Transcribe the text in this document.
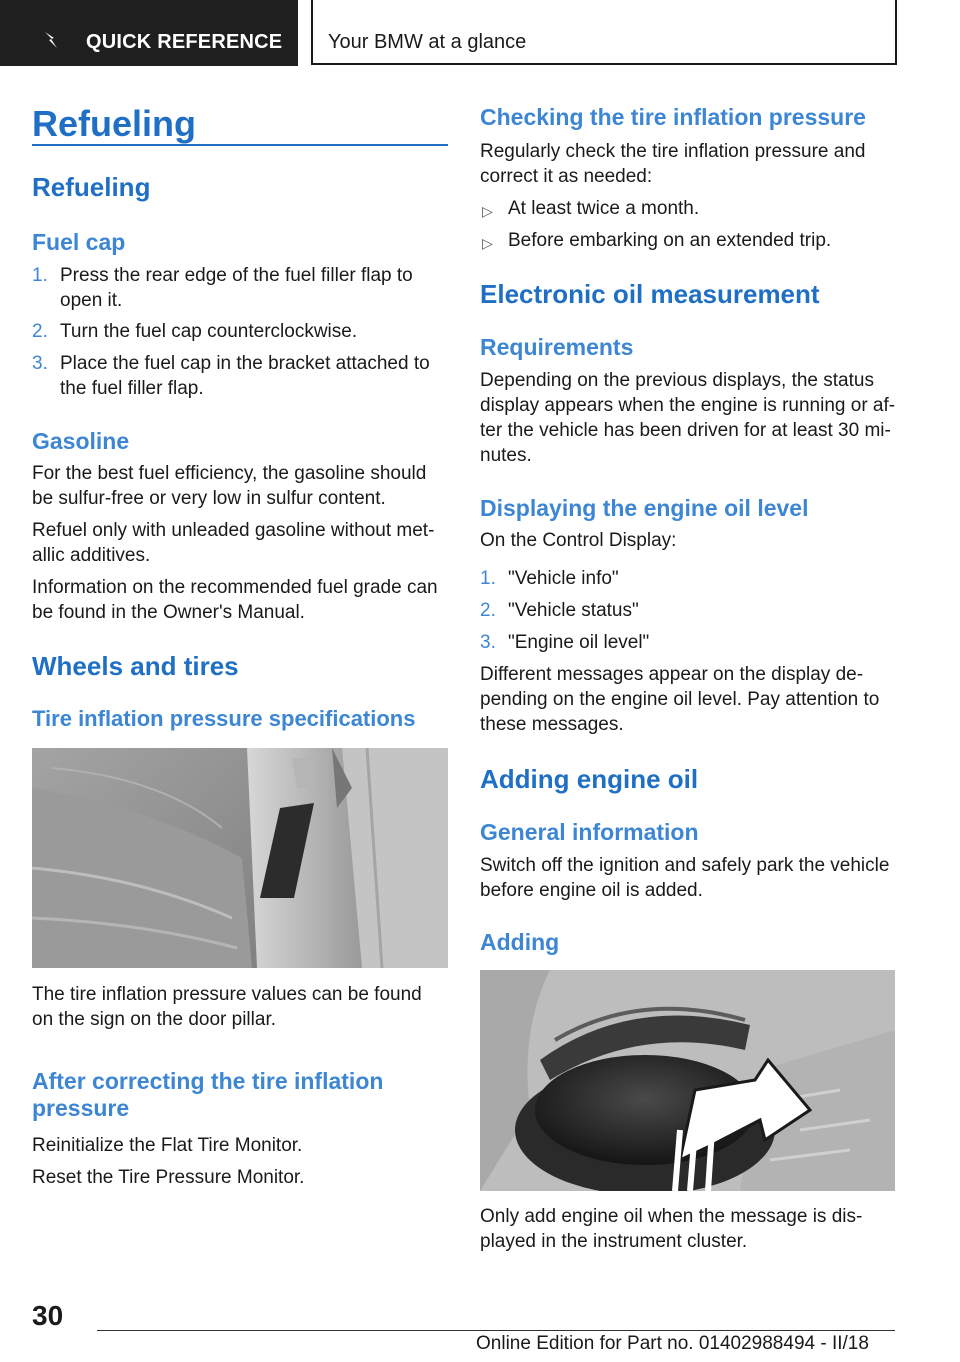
QUICK REFERENCE Your BMW at a glance
Refueling
Refueling
Fuel cap
1. Press the rear edge of the fuel filler flap to
open it.
2. Turn the fuel cap counterclockwise.
3. Place the fuel cap in the bracket attached to
the fuel filler flap.
Gasoline
For the best fuel efficiency, the gasoline should
be sulfur-free or very low in sulfur content.
Refuel only with unleaded gasoline without met-
allic additives.
Information on the recommended fuel grade can
be found in the Owner's Manual.
Wheels and tires
Tire inflation pressure specifications
The tire inflation pressure values can be found
on the sign on the door pillar.
After correcting the tire inflation
pressure
Reinitialize the Flat Tire Monitor.
Reset the Tire Pressure Monitor.
Checking the tire inflation pressure
Regularly check the tire inflation pressure and
correct it as needed:
▷ At least twice a month.
▷ Before embarking on an extended trip.
Electronic oil measurement
Requirements
Depending on the previous displays, the status
display appears when the engine is running or af-
ter the vehicle has been driven for at least 30 mi-
nutes.
Displaying the engine oil level
On the Control Display:
1. "Vehicle info"
2. "Vehicle status"
3. "Engine oil level"
Different messages appear on the display de-
pending on the engine oil level. Pay attention to
these messages.
Adding engine oil
General information
Switch off the ignition and safely park the vehicle
before engine oil is added.
Adding
Only add engine oil when the message is dis-
played in the instrument cluster.
30
Online Edition for Part no. 01402988494 - II/18
